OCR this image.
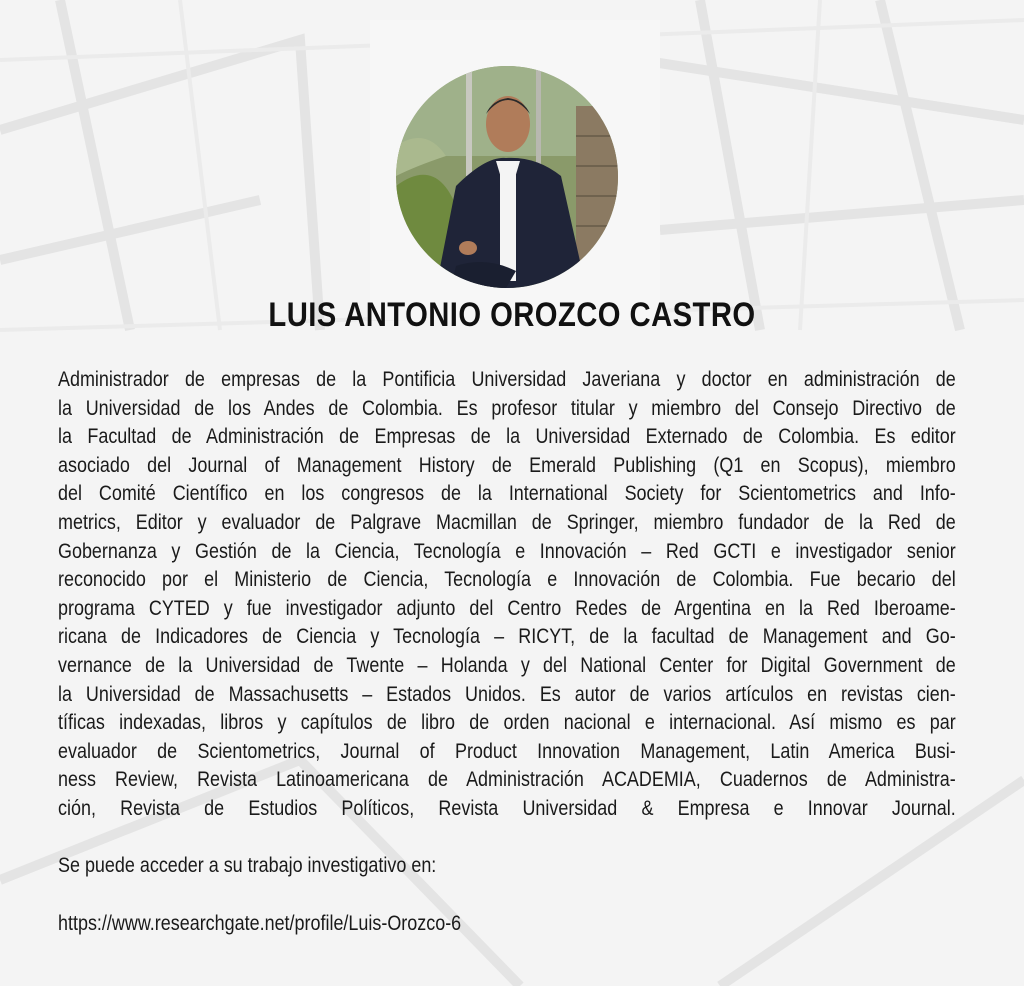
LUIS ANTONIO OROZCO CASTRO

Administrador de empresas de la Pontificia Universidad Javeriana y doctor en administración de
la Universidad de los Andes de Colombia. Es profesor titular y miembro del Consejo Directivo de
la Facultad de Administración de Empresas de la Universidad Externado de Colombia. Es editor
asociado del Journal of Management History de Emerald Publishing (Q1 en Scopus), miembro
del Comité Científico en los congresos de la International Society for Scientometrics and Info-
metrics, Editor y evaluador de Palgrave Macmillan de Springer, miembro fundador de la Red de
Gobernanza y Gestión de la Ciencia, Tecnología e Innovación – Red GCTI e investigador senior
reconocido por el Ministerio de Ciencia, Tecnología e Innovación de Colombia. Fue becario del
programa CYTED y fue investigador adjunto del Centro Redes de Argentina en la Red Iberoame-
ricana de Indicadores de Ciencia y Tecnología – RICYT, de la facultad de Management and Go-
vernance de la Universidad de Twente – Holanda y del National Center for Digital Government de
la Universidad de Massachusetts – Estados Unidos. Es autor de varios artículos en revistas cien-
tíficas indexadas, libros y capítulos de libro de orden nacional e internacional. Así mismo es par
evaluador de Scientometrics, Journal of Product Innovation Management, Latin America Busi-
ness Review, Revista Latinoamericana de Administración ACADEMIA, Cuadernos de Administra-
ción, Revista de Estudios Políticos, Revista Universidad & Empresa e Innovar Journal.

Se puede acceder a su trabajo investigativo en:
https://www.researchgate.net/profile/Luis-Orozco-6
